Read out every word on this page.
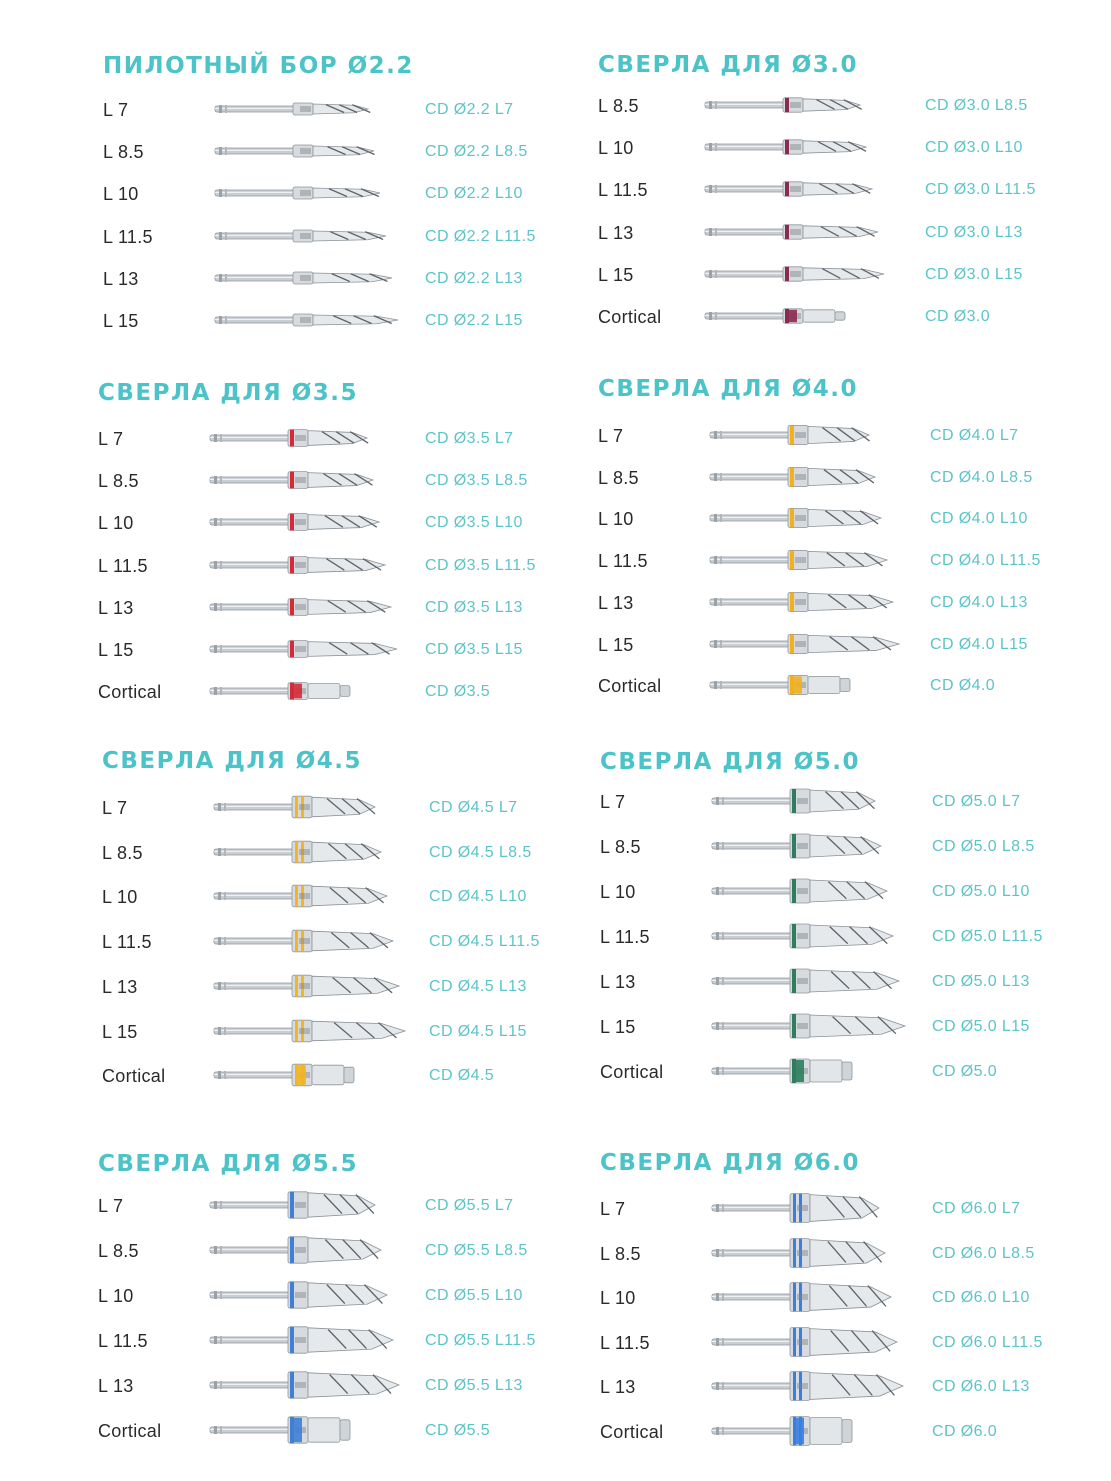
ПИЛОТНЫЙ БОР Ø2.2
L 7	CD Ø2.2 L7
L 8.5	CD Ø2.2 L8.5
L 10	CD Ø2.2 L10
L 11.5	CD Ø2.2 L11.5
L 13	CD Ø2.2 L13
L 15	CD Ø2.2 L15
СВЕРЛА ДЛЯ Ø3.0
L 8.5	CD Ø3.0 L8.5
L 10	CD Ø3.0 L10
L 11.5	CD Ø3.0 L11.5
L 13	CD Ø3.0 L13
L 15	CD Ø3.0 L15
Cortical	CD Ø3.0
СВЕРЛА ДЛЯ Ø3.5
L 7	CD Ø3.5 L7
L 8.5	CD Ø3.5 L8.5
L 10	CD Ø3.5 L10
L 11.5	CD Ø3.5 L11.5
L 13	CD Ø3.5 L13
L 15	CD Ø3.5 L15
Cortical	CD Ø3.5
СВЕРЛА ДЛЯ Ø4.0
L 7	CD Ø4.0 L7
L 8.5	CD Ø4.0 L8.5
L 10	CD Ø4.0 L10
L 11.5	CD Ø4.0 L11.5
L 13	CD Ø4.0 L13
L 15	CD Ø4.0 L15
Cortical	CD Ø4.0
СВЕРЛА ДЛЯ Ø4.5
L 7	CD Ø4.5 L7
L 8.5	CD Ø4.5 L8.5
L 10	CD Ø4.5 L10
L 11.5	CD Ø4.5 L11.5
L 13	CD Ø4.5 L13
L 15	CD Ø4.5 L15
Cortical	CD Ø4.5
СВЕРЛА ДЛЯ Ø5.0
L 7	CD Ø5.0 L7
L 8.5	CD Ø5.0 L8.5
L 10	CD Ø5.0 L10
L 11.5	CD Ø5.0 L11.5
L 13	CD Ø5.0 L13
L 15	CD Ø5.0 L15
Cortical	CD Ø5.0
СВЕРЛА ДЛЯ Ø5.5
L 7	CD Ø5.5 L7
L 8.5	CD Ø5.5 L8.5
L 10	CD Ø5.5 L10
L 11.5	CD Ø5.5 L11.5
L 13	CD Ø5.5 L13
Cortical	CD Ø5.5
СВЕРЛА ДЛЯ Ø6.0
L 7	CD Ø6.0 L7
L 8.5	CD Ø6.0 L8.5
L 10	CD Ø6.0 L10
L 11.5	CD Ø6.0 L11.5
L 13	CD Ø6.0 L13
Cortical	CD Ø6.0
